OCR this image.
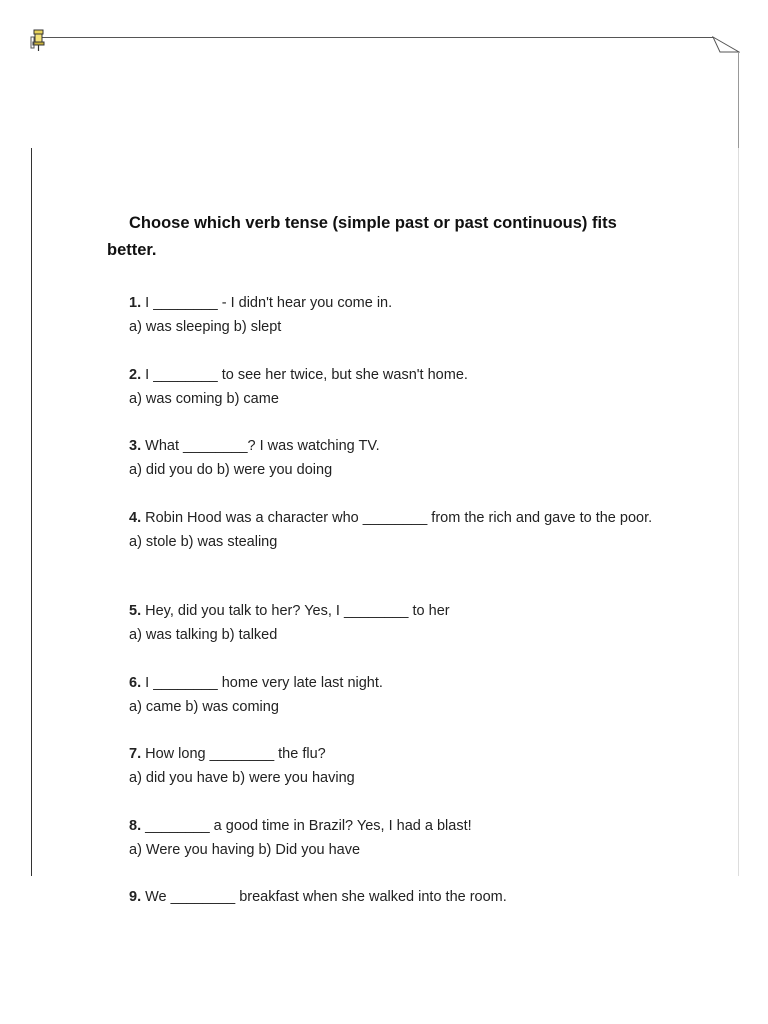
Choose which verb tense (simple past or past continuous) fits better.
1. I ________ - I didn't hear you come in.
a) was sleeping b) slept
2. I ________ to see her twice, but she wasn't home.
a) was coming b) came
3. What ________? I was watching TV.
a) did you do b) were you doing
4. Robin Hood was a character who ________ from the rich and gave to the poor.
a) stole b) was stealing
5. Hey, did you talk to her? Yes, I ________ to her
a) was talking b) talked
6. I ________ home very late last night.
a) came b) was coming
7. How long ________ the flu?
a) did you have b) were you having
8. ________ a good time in Brazil? Yes, I had a blast!
a) Were you having b) Did you have
9. We ________ breakfast when she walked into the room.
